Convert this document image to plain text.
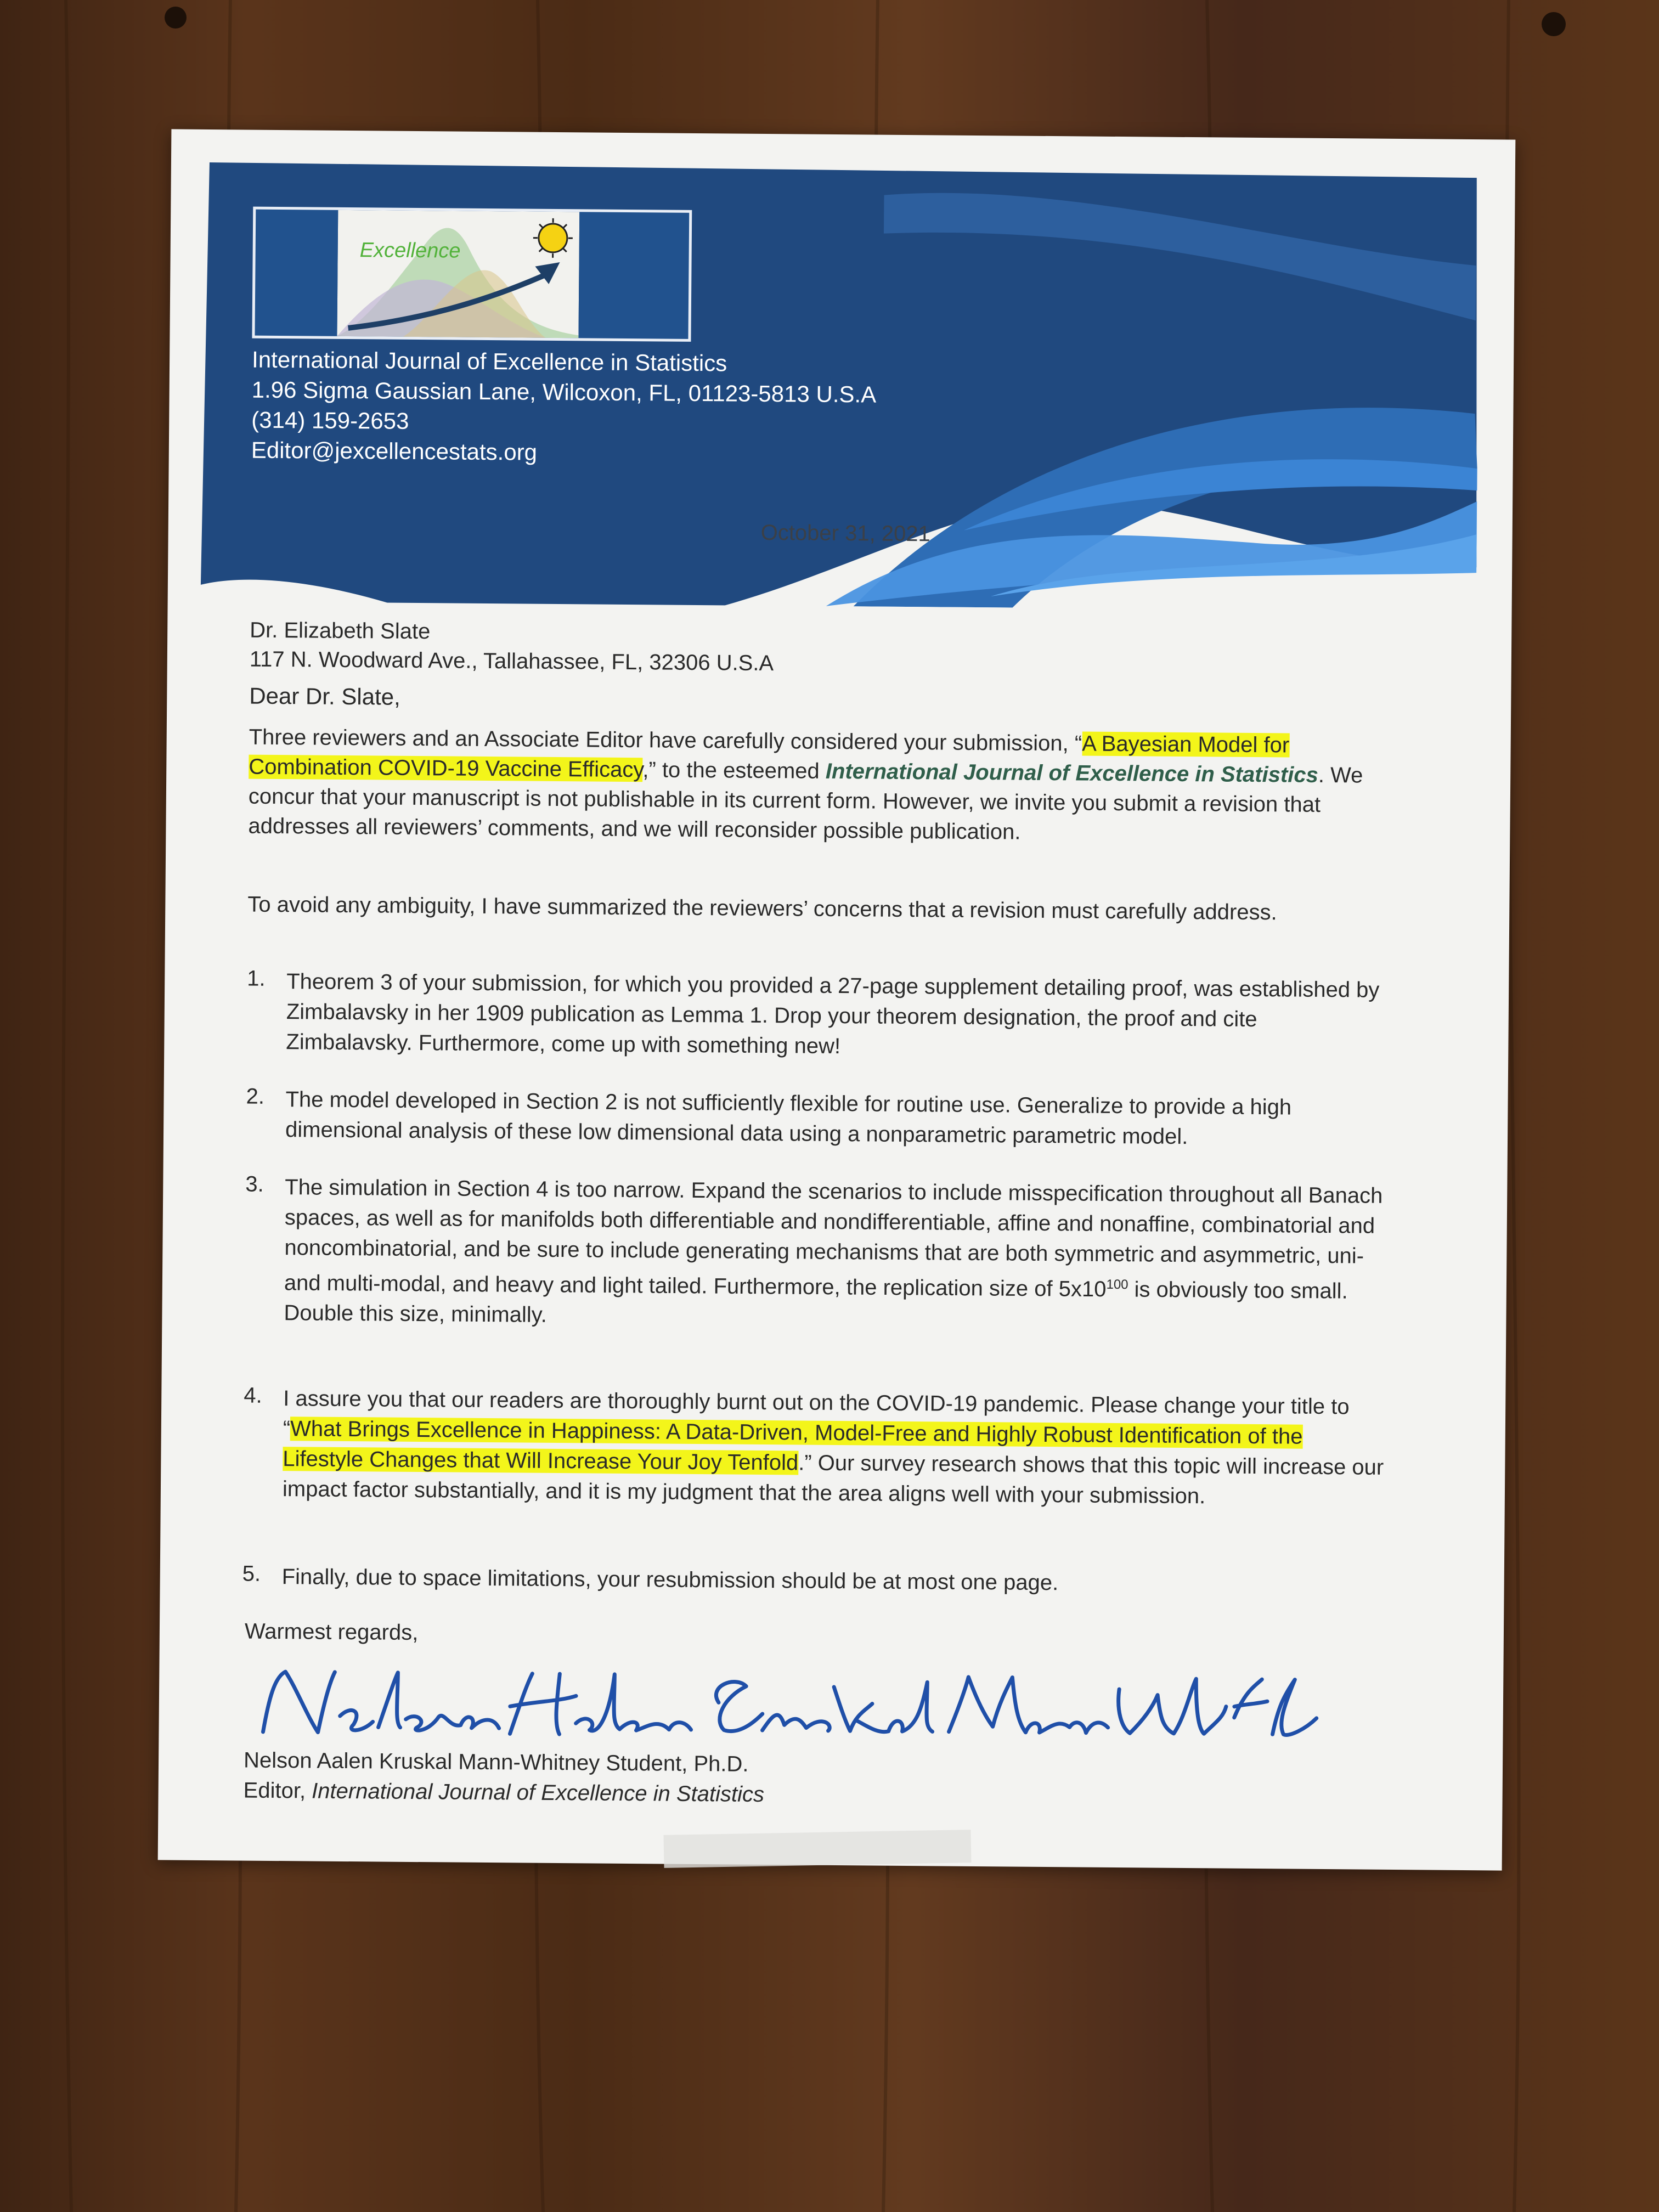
Excellence
International Journal of Excellence in Statistics
1.96 Sigma Gaussian Lane, Wilcoxon, FL, 01123-5813 U.S.A
(314) 159-2653
Editor@jexcellencestats.org
October 31, 2021
Dr. Elizabeth Slate
117 N. Woodward Ave., Tallahassee, FL, 32306 U.S.A
Dear Dr. Slate,
Three reviewers and an Associate Editor have carefully considered your submission, “A Bayesian Model for Combination COVID-19 Vaccine Efficacy,” to the esteemed International Journal of Excellence in Statistics. We concur that your manuscript is not publishable in its current form. However, we invite you submit a revision that addresses all reviewers’ comments, and we will reconsider possible publication.
To avoid any ambiguity, I have summarized the reviewers’ concerns that a revision must carefully address.
1. Theorem 3 of your submission, for which you provided a 27-page supplement detailing proof, was established by Zimbalavsky in her 1909 publication as Lemma 1. Drop your theorem designation, the proof and cite Zimbalavsky. Furthermore, come up with something new!
2. The model developed in Section 2 is not sufficiently flexible for routine use. Generalize to provide a high dimensional analysis of these low dimensional data using a nonparametric parametric model.
3. The simulation in Section 4 is too narrow. Expand the scenarios to include misspecification throughout all Banach spaces, as well as for manifolds both differentiable and nondifferentiable, affine and nonaffine, combinatorial and noncombinatorial, and be sure to include generating mechanisms that are both symmetric and asymmetric, uni- and multi-modal, and heavy and light tailed. Furthermore, the replication size of $5x10^{100}$ is obviously too small. Double this size, minimally.
4. I assure you that our readers are thoroughly burnt out on the COVID-19 pandemic. Please change your title to “What Brings Excellence in Happiness: A Data-Driven, Model-Free and Highly Robust Identification of the Lifestyle Changes that Will Increase Your Joy Tenfold.” Our survey research shows that this topic will increase our impact factor substantially, and it is my judgment that the area aligns well with your submission.
5. Finally, due to space limitations, your resubmission should be at most one page.
Warmest regards,
Nelson Aalen Kruskal Mann-Whitney Student, Ph.D.
Editor, International Journal of Excellence in Statistics
